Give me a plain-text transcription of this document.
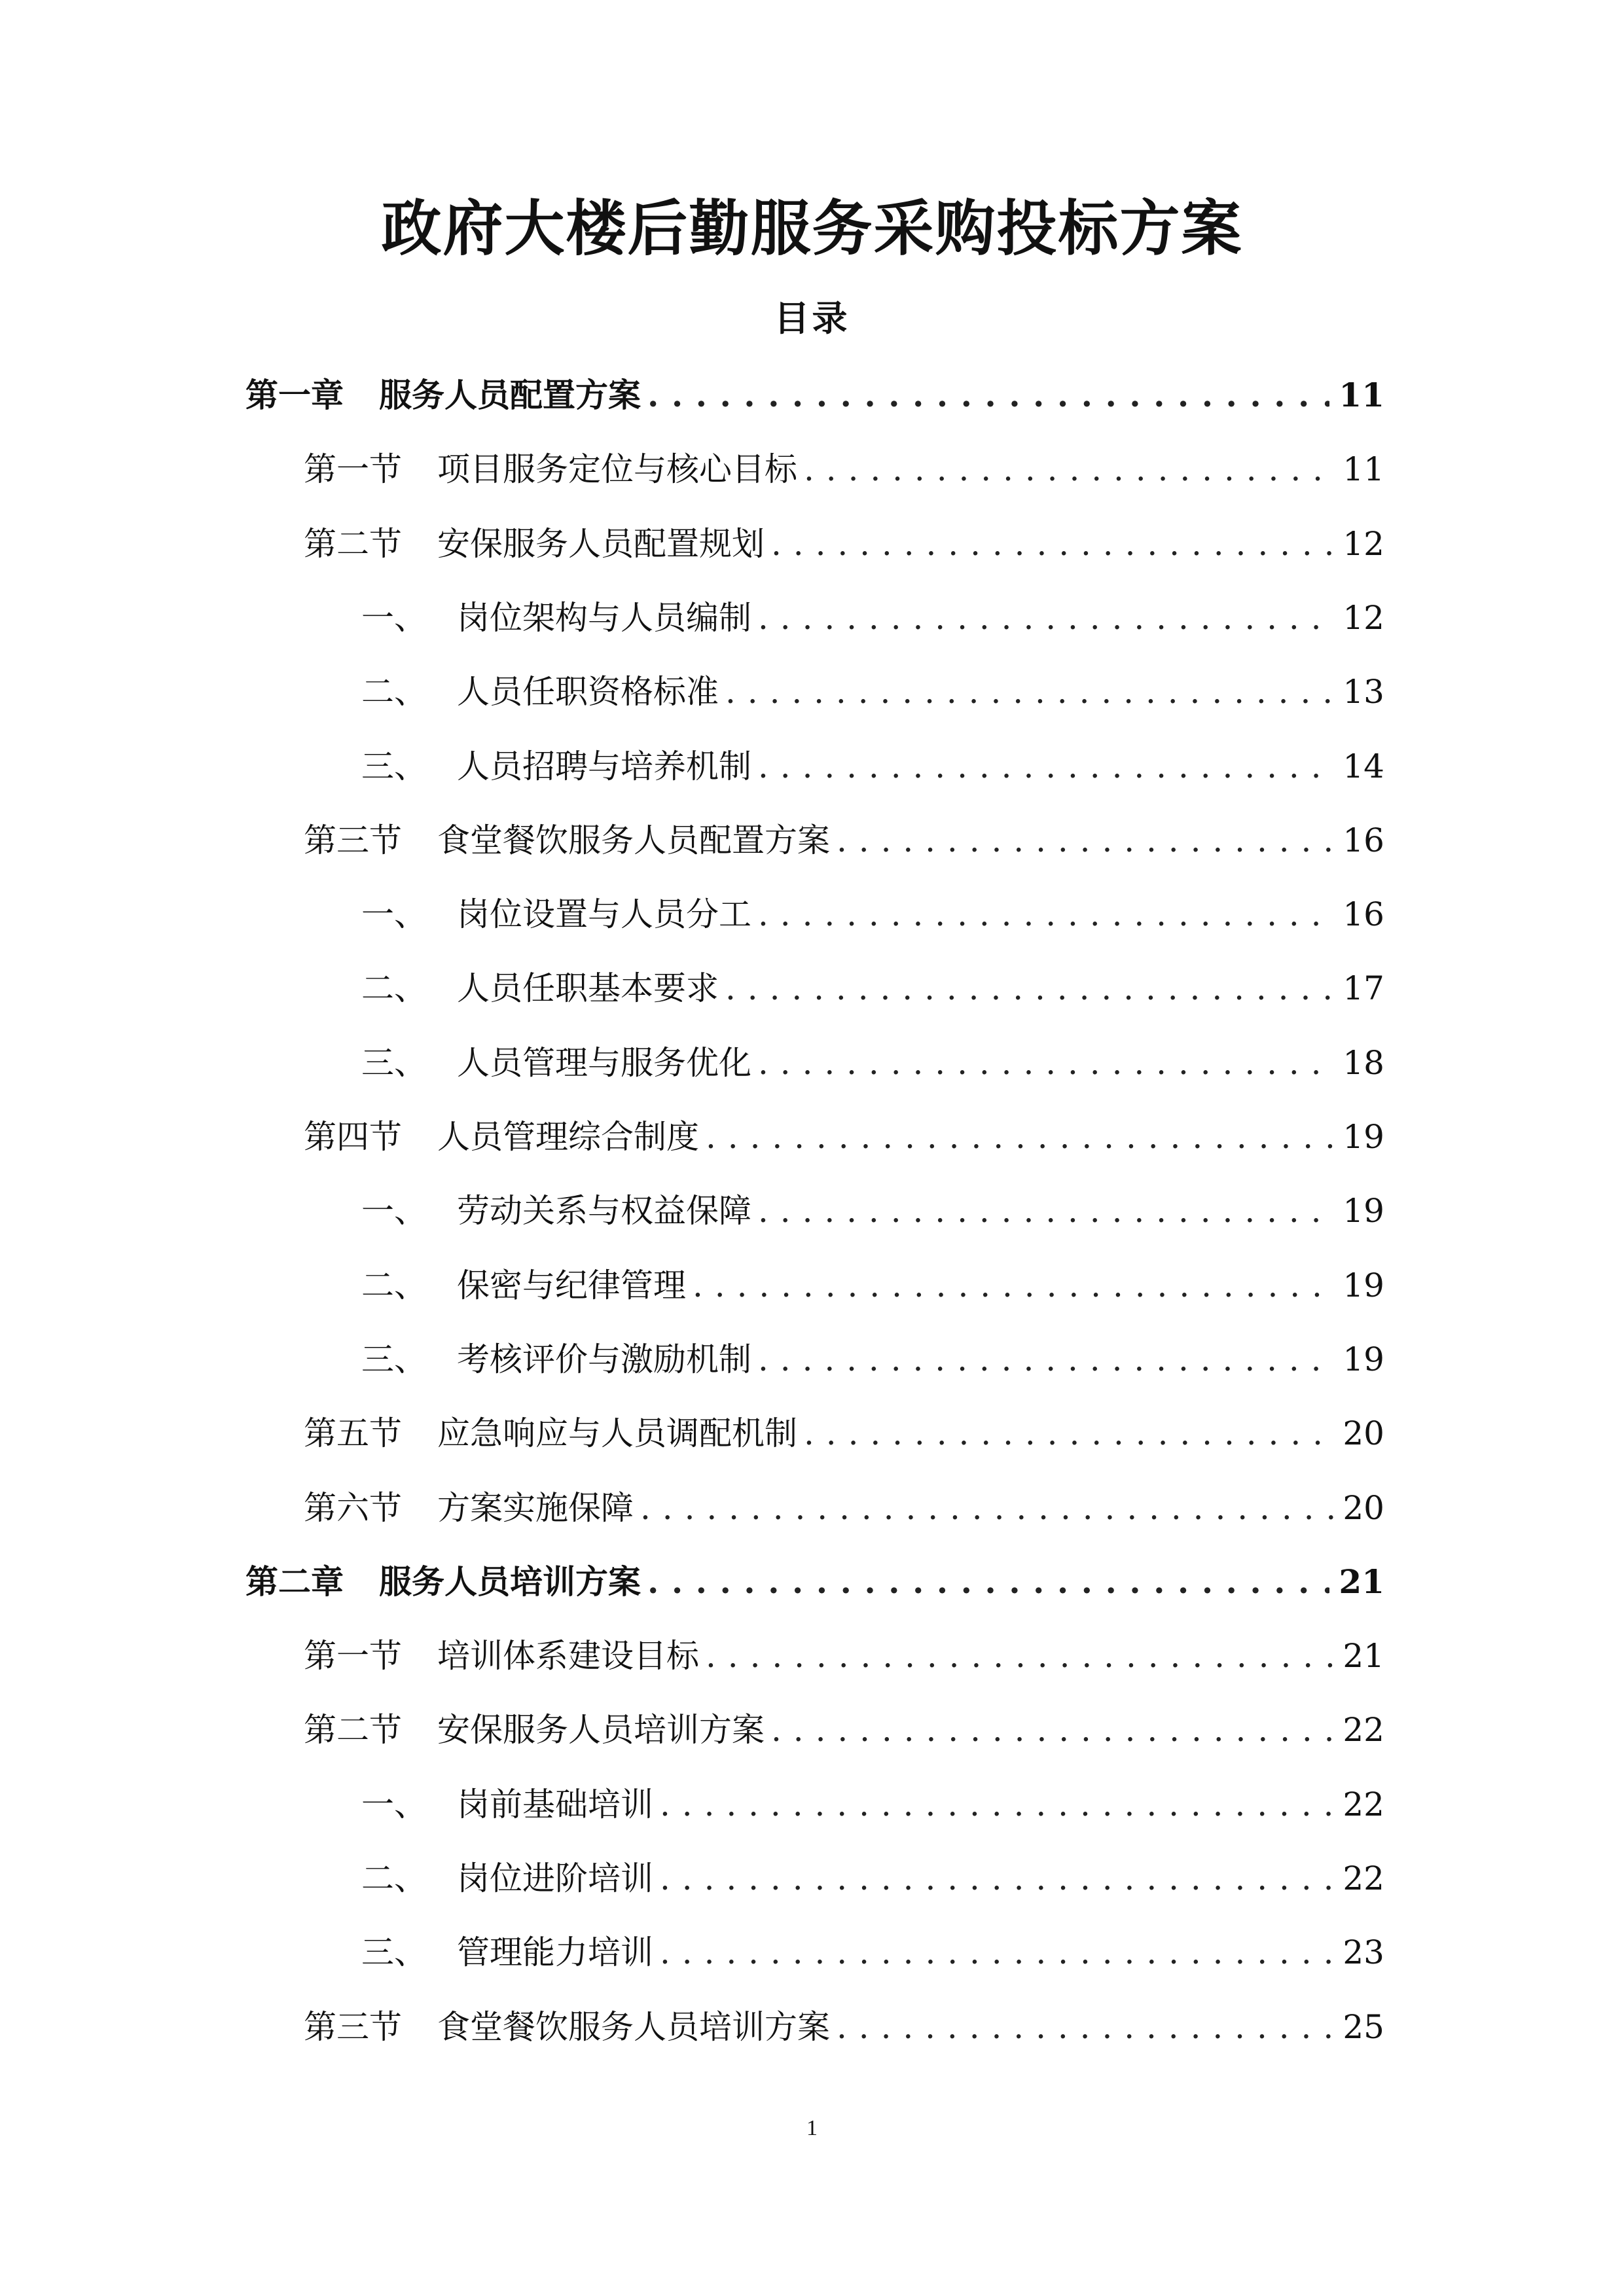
政府大楼后勤服务采购投标方案
目录
第一章	服务人员配置方案 . . .	11
第一节	项目服务定位与核心目标 . . .	11
第二节	安保服务人员配置规划 . . .	12
一、 岗位架构与人员编制 . . .	12
二、 人员任职资格标准 . . .	13
三、 人员招聘与培养机制 . . .	14
第三节	食堂餐饮服务人员配置方案 . . .	16
一、 岗位设置与人员分工 . . .	16
二、 人员任职基本要求 . . .	17
三、 人员管理与服务优化 . . .	18
第四节	人员管理综合制度 . . .	19
一、 劳动关系与权益保障 . . .	19
二、 保密与纪律管理 . . .	19
三、 考核评价与激励机制 . . .	19
第五节	应急响应与人员调配机制 . . .	20
第六节	方案实施保障 . . .	20
第二章	服务人员培训方案 . . .	21
第一节	培训体系建设目标 . . .	21
第二节	安保服务人员培训方案 . . .	22
一、 岗前基础培训 . . .	22
二、 岗位进阶培训 . . .	22
三、 管理能力培训 . . .	23
第三节	食堂餐饮服务人员培训方案 . . .	25
1
